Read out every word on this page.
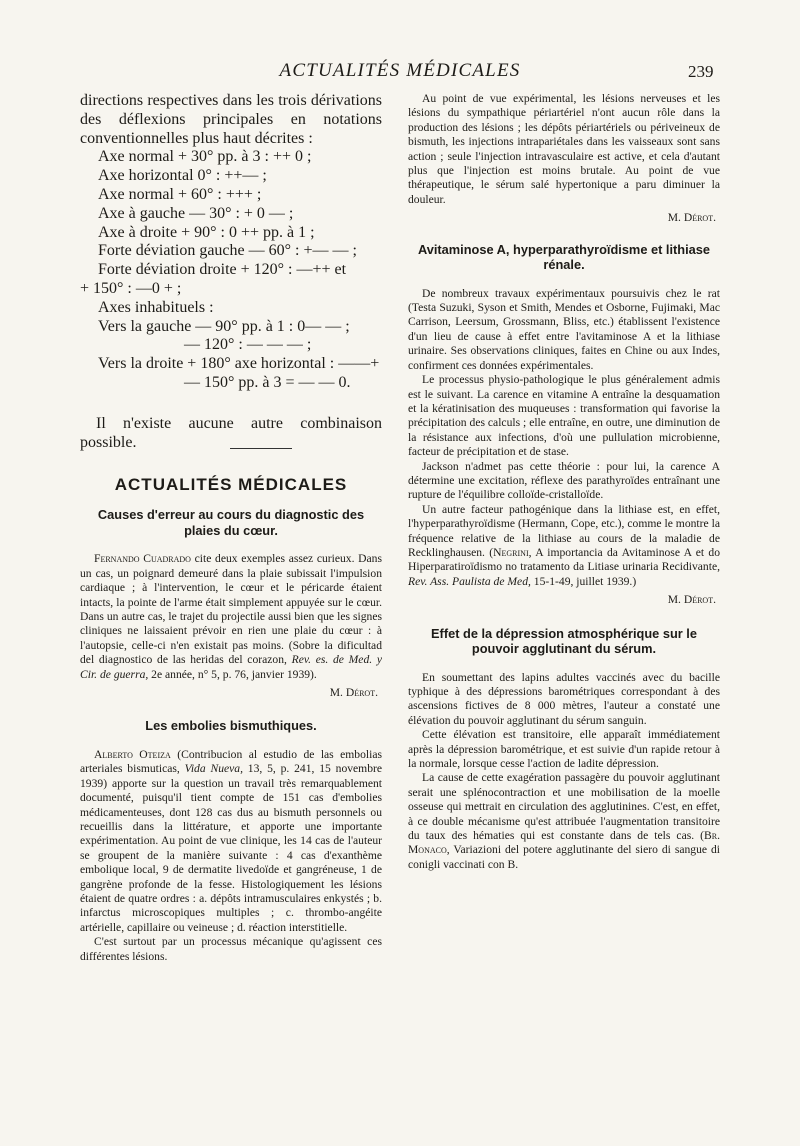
ACTUALITÉS MÉDICALES	239

directions respectives dans les trois dérivations des déflexions principales en notations conventionnelles plus haut décrites :

Axe normal + 30° pp. à 3 : ++ 0 ;

Axe horizontal 0° : ++— ;

Axe normal + 60° : +++ ;

Axe à gauche — 30° : + 0 — ;

Axe à droite + 90° : 0 ++ pp. à 1 ;

Forte déviation gauche — 60° : +— — ;

Forte déviation droite + 120° : —++ et

+ 150° : —0 + ;

Axes inhabituels :

Vers la gauche — 90° pp. à 1 : 0— — ;

— 120° : — — — ;

Vers la droite + 180° axe horizontal : ——+

— 150° pp. à 3 = — — 0.

Il n'existe aucune autre combinaison possible.

ACTUALITÉS MÉDICALES
Causes d'erreur au cours du diagnostic des plaies du cœur.

Fernando Cuadrado cite deux exemples assez curieux. Dans un cas, un poignard demeuré dans la plaie subissait l'impulsion cardiaque ; à l'intervention, le cœur et le péricarde étaient intacts, la pointe de l'arme était simplement appuyée sur le cœur. Dans un autre cas, le trajet du projectile aussi bien que les signes cliniques ne laissaient prévoir en rien une plaie du cœur : à l'autopsie, celle-ci n'en existait pas moins. (Sobre la dificultad del diagnostico de las heridas del corazon, Rev. es. de Med. y Cir. de guerra, 2e année, n° 5, p. 76, janvier 1939).

M. Dérot.
Les embolies bismuthiques.

Alberto Oteiza (Contribucion al estudio de las embolias arteriales bismuticas, Vida Nueva, 13, 5, p. 241, 15 novembre 1939) apporte sur la question un travail très remarquablement documenté, puisqu'il tient compte de 151 cas d'embolies médicamenteuses, dont 128 cas dus au bismuth personnels ou recueillis dans la littérature, et apporte une importante expérimentation. Au point de vue clinique, les 14 cas de l'auteur se groupent de la manière suivante : 4 cas d'exanthème embolique local, 9 de dermatite livedoïde et gangréneuse, 1 de gangrène profonde de la fesse. Histologiquement les lésions étaient de quatre ordres : a. dépôts intramusculaires enkystés ; b. infarctus microscopiques multiples ; c. thrombo-angéite artérielle, capillaire ou veineuse ; d. réaction interstitielle.

C'est surtout par un processus mécanique qu'agissent ces différentes lésions.

Au point de vue expérimental, les lésions nerveuses et les lésions du sympathique périartériel n'ont aucun rôle dans la production des lésions ; les dépôts périartériels ou périveineux de bismuth, les injections intrapariétales dans les vaisseaux sont sans action ; seule l'injection intravasculaire est active, et cela d'autant plus que l'injection est moins brutale. Au point de vue thérapeutique, le sérum salé hypertonique a paru diminuer la douleur.

M. Dérot.
Avitaminose A, hyperparathyroïdisme et lithiase rénale.

De nombreux travaux expérimentaux poursuivis chez le rat (Testa Suzuki, Syson et Smith, Mendes et Osborne, Fujimaki, Mac Carrison, Leersum, Grossmann, Bliss, etc.) établissent l'existence d'un lieu de cause à effet entre l'avitaminose A et la lithiase urinaire. Ses observations cliniques, faites en Chine ou aux Indes, confirment ces données expérimentales.

Le processus physio-pathologique le plus généralement admis est le suivant. La carence en vitamine A entraîne la desquamation et la kératinisation des muqueuses : transformation qui favorise la précipitation des calculs ; elle entraîne, en outre, une diminution de la résistance aux infections, d'où une pullulation microbienne, facteur de précipitation et de stase.

Jackson n'admet pas cette théorie : pour lui, la carence A détermine une excitation, réflexe des parathyroïdes entraînant une rupture de l'équilibre colloïde-cristalloïde.

Un autre facteur pathogénique dans la lithiase est, en effet, l'hyperparathyroïdisme (Hermann, Cope, etc.), comme le montre la fréquence relative de la lithiase au cours de la maladie de Recklinghausen. (Negrini, A importancia da Avitaminose A et do Hiperparatiroïdismo no tratamento da Litiase urinaria Recidivante, Rev. Ass. Paulista de Med, 15-1-49, juillet 1939.)

M. Dérot.
Effet de la dépression atmosphérique sur le pouvoir agglutinant du sérum.

En soumettant des lapins adultes vaccinés avec du bacille typhique à des dépressions barométriques correspondant à des ascensions fictives de 8 000 mètres, l'auteur a constaté une élévation du pouvoir agglutinant du sérum sanguin.

Cette élévation est transitoire, elle apparaît immédiatement après la dépression barométrique, et est suivie d'un rapide retour à la normale, lorsque cesse l'action de ladite dépression.

La cause de cette exagération passagère du pouvoir agglutinant serait une splénocontraction et une mobilisation de la moelle osseuse qui mettrait en circulation des agglutinines. C'est, en effet, à ce double mécanisme qu'est attribuée l'augmentation transitoire du taux des hématies qui est constante dans de tels cas. (Br. Monaco, Variazioni del potere agglutinante del siero di sangue di conigli vaccinati con B.
